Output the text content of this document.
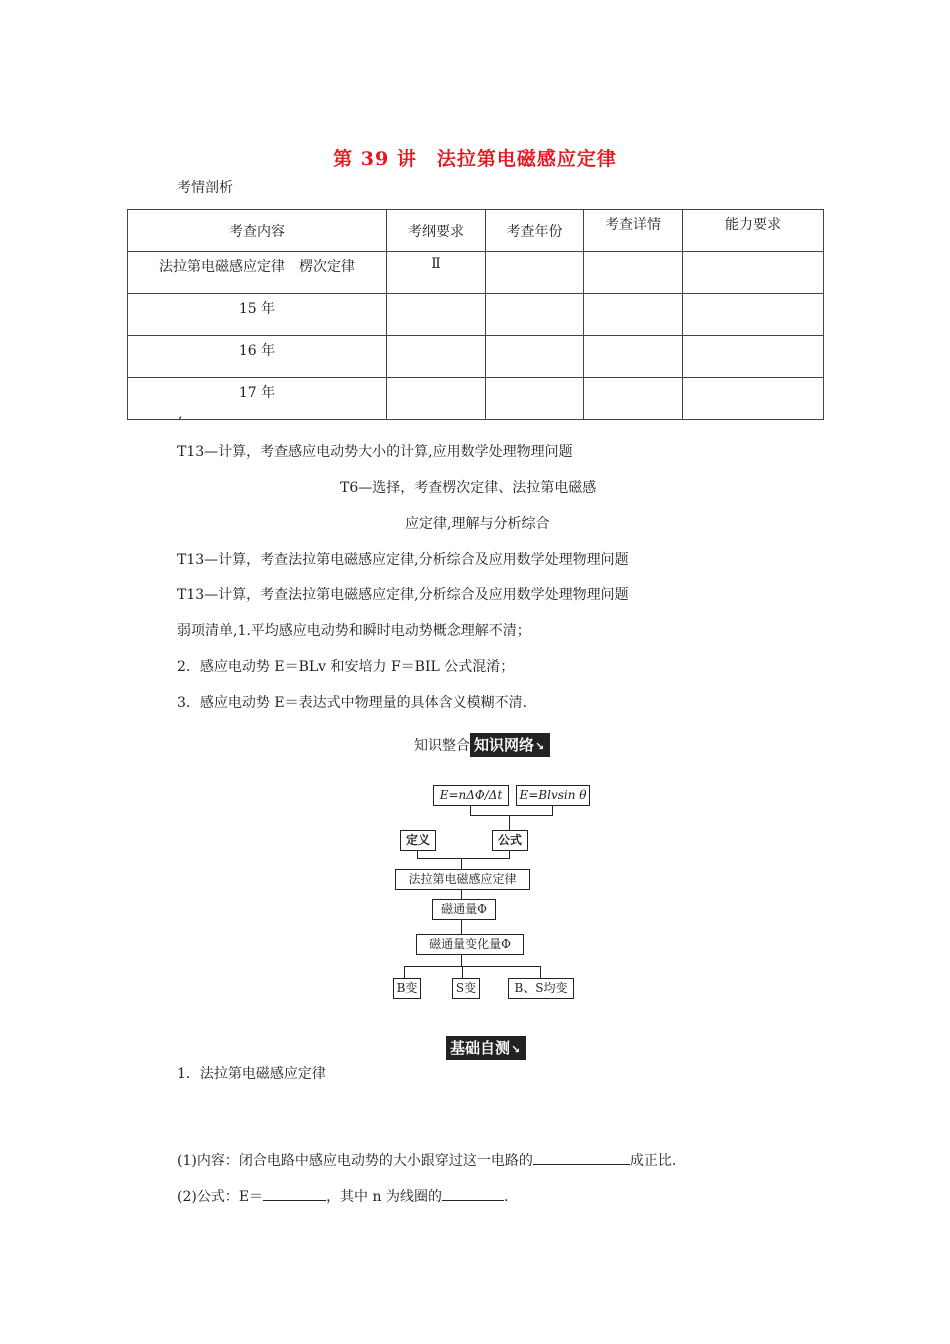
第 39 讲　法拉第电磁感应定律
考情剖析
考查内容	考纲要求	考查年份	考查详情	能力要求
法拉第电磁感应定律　楞次定律	Ⅱ			
15 年				
16 年				
17 年				
,
Т13—计算，考查感应电动势大小的计算,应用数学处理物理问题
Т6—选择，考查楞次定律、法拉第电磁感
应定律,理解与分析综合
Т13—计算，考查法拉第电磁感应定律,分析综合及应用数学处理物理问题
Т13—计算，考查法拉第电磁感应定律,分析综合及应用数学处理物理问题
弱项清单,1.平均感应电动势和瞬时电动势概念理解不清；
2．感应电动势 E＝BLv 和安培力 F＝BIL 公式混淆；
3．感应电动势 E＝表达式中物理量的具体含义模糊不清.
知识整合 知识网络 ↘
E=nΔΦ/Δt	E=Blvsin θ
定义	公式
法拉第电磁感应定律
磁通量Φ
磁通量变化量Φ
B变	S变	B、S均变
基础自测 ↘
1．法拉第电磁感应定律
(1)内容：闭合电路中感应电动势的大小跟穿过这一电路的	成正比.
(2)公式：E＝	，其中 n 为线圈的	.
